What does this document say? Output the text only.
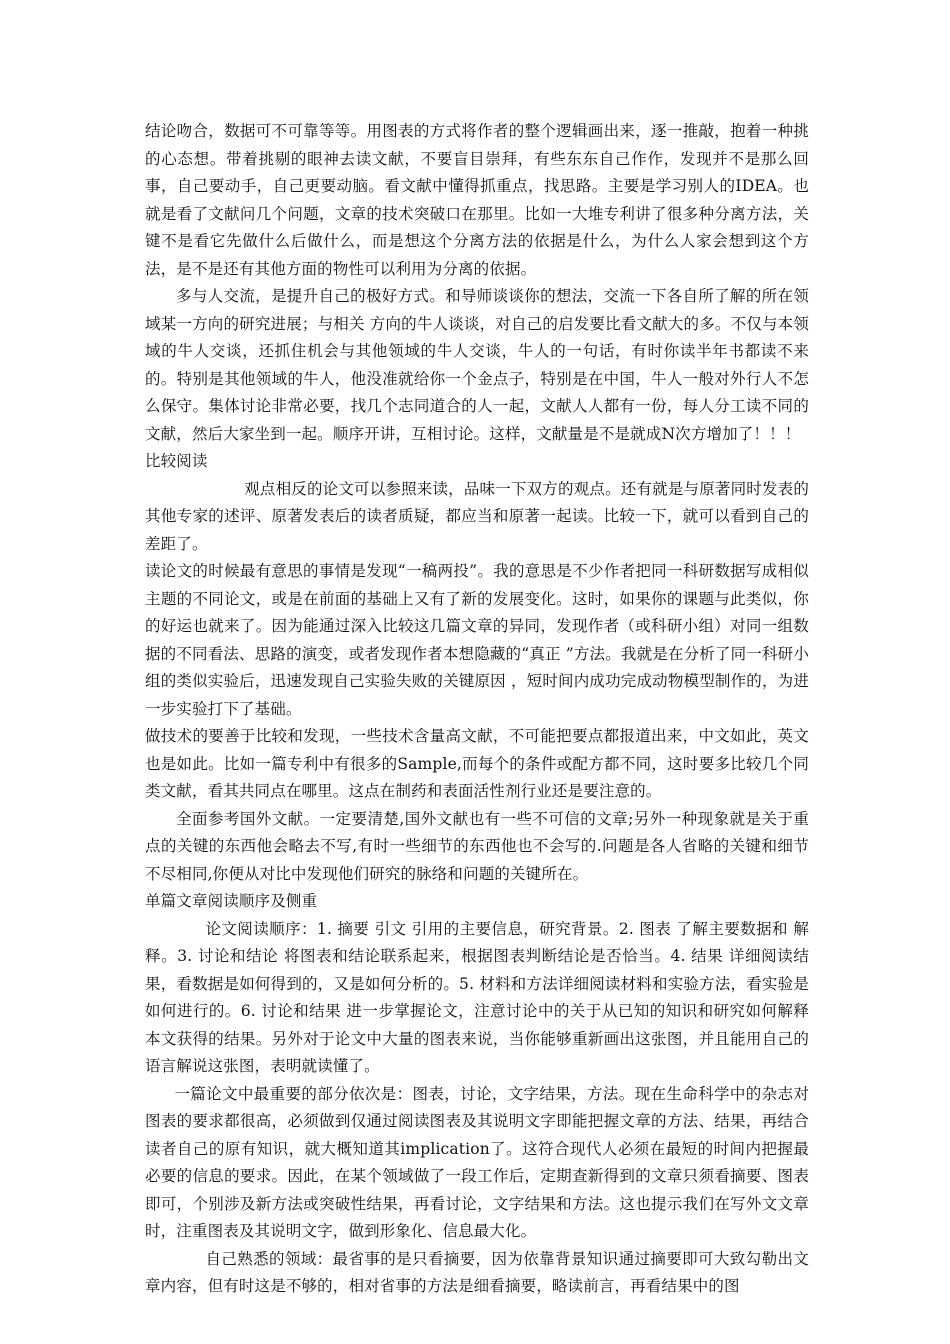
结论吻合，数据可不可靠等等。用图表的方式将作者的整个逻辑画出来，逐一推敲，抱着一种挑的心态想。带着挑剔的眼神去读文献，不要盲目崇拜，有些东东自己作作，发现并不是那么回事，自己要动手，自己更要动脑。看文献中懂得抓重点，找思路。主要是学习别人的IDEA。也就是看了文献问几个问题，文章的技术突破口在那里。比如一大堆专利讲了很多种分离方法，关键不是看它先做什么后做什么，而是想这个分离方法的依据是什么，为什么人家会想到这个方法，是不是还有其他方面的物性可以利用为分离的依据。

多与人交流，是提升自己的极好方式。和导师谈谈你的想法，交流一下各自所了解的所在领域某一方向的研究进展；与相关 方向的牛人谈谈，对自己的启发要比看文献大的多。不仅与本领域的牛人交谈，还抓住机会与其他领域的牛人交谈，牛人的一句话，有时你读半年书都读不来的。特别是其他领域的牛人，他没准就给你一个金点子，特别是在中国，牛人一般对外行人不怎么保守。集体讨论非常必要，找几个志同道合的人一起，文献人人都有一份，每人分工读不同的文献，然后大家坐到一起。顺序开讲，互相讨论。这样，文献量是不是就成N次方增加了！！！

比较阅读

观点相反的论文可以参照来读，品味一下双方的观点。还有就是与原著同时发表的其他专家的述评、原著发表后的读者质疑，都应当和原著一起读。比较一下，就可以看到自己的差距了。

读论文的时候最有意思的事情是发现“一稿两投”。我的意思是不少作者把同一科研数据写成相似主题的不同论文，或是在前面的基础上又有了新的发展变化。这时，如果你的课题与此类似，你的好运也就来了。因为能通过深入比较这几篇文章的异同，发现作者（或科研小组）对同一组数据的不同看法、思路的演变，或者发现作者本想隐藏的“真正 ”方法。我就是在分析了同一科研小组的类似实验后，迅速发现自己实验失败的关键原因 ，短时间内成功完成动物模型制作的，为进一步实验打下了基础。

做技术的要善于比较和发现，一些技术含量高文献，不可能把要点都报道出来，中文如此，英文也是如此。比如一篇专利中有很多的Sample,而每个的条件或配方都不同，这时要多比较几个同类文献，看其共同点在哪里。这点在制药和表面活性剂行业还是要注意的。

全面参考国外文献。一定要清楚,国外文献也有一些不可信的文章;另外一种现象就是关于重点的关键的东西他会略去不写,有时一些细节的东西他也不会写的.问题是各人省略的关键和细节不尽相同,你便从对比中发现他们研究的脉络和问题的关键所在。

单篇文章阅读顺序及侧重

论文阅读顺序：1. 摘要 引文 引用的主要信息，研究背景。2. 图表 了解主要数据和 解释。3. 讨论和结论 将图表和结论联系起来，根据图表判断结论是否恰当。4. 结果 详细阅读结果，看数据是如何得到的，又是如何分析的。5. 材料和方法详细阅读材料和实验方法，看实验是如何进行的。6. 讨论和结果 进一步掌握论文，注意讨论中的关于从已知的知识和研究如何解释本文获得的结果。另外对于论文中大量的图表来说，当你能够重新画出这张图，并且能用自己的语言解说这张图，表明就读懂了。

一篇论文中最重要的部分依次是：图表，讨论，文字结果，方法。现在生命科学中的杂志对图表的要求都很高，必须做到仅通过阅读图表及其说明文字即能把握文章的方法、结果，再结合读者自己的原有知识，就大概知道其implication了。这符合现代人必须在最短的时间内把握最必要的信息的要求。因此，在某个领域做了一段工作后，定期查新得到的文章只须看摘要、图表即可，个别涉及新方法或突破性结果，再看讨论，文字结果和方法。这也提示我们在写外文文章时，注重图表及其说明文字，做到形象化、信息最大化。

自己熟悉的领域：最省事的是只看摘要，因为依靠背景知识通过摘要即可大致勾勒出文章内容，但有时这是不够的，相对省事的方法是细看摘要，略读前言，再看结果中的图
